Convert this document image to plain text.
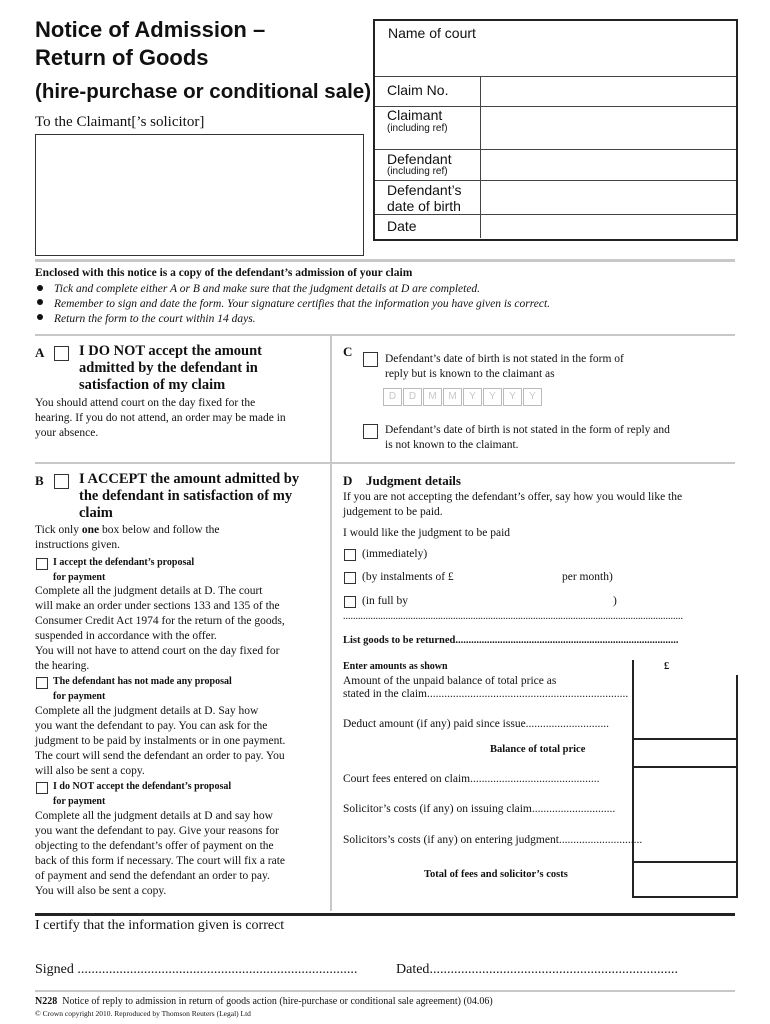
Notice of Admission –
Return of Goods
(hire-purchase or conditional sale)
To the Claimant[’s solicitor]
Name of court
Claim No.
Claimant
(including ref)
Defendant
(including ref)
Defendant’s
date of birth
Date
Enclosed with this notice is a copy of the defendant’s admission of your claim
Tick and complete either A or B and make sure that the judgment details at D are completed.
Remember to sign and date the form. Your signature certifies that the information you have given is correct.
Return the form to the court within 14 days.
A I DO NOT accept the amount
admitted by the defendant in
satisfaction of my claim
You should attend court on the day fixed for the
hearing. If you do not attend, an order may be made in
your absence.
B I ACCEPT the amount admitted by
the defendant in satisfaction of my
claim
Tick only one box below and follow the
instructions given.
I accept the defendant’s proposal
for payment
Complete all the judgment details at D. The court
will make an order under sections 133 and 135 of the
Consumer Credit Act 1974 for the return of the goods,
suspended in accordance with the offer.
You will not have to attend court on the day fixed for
the hearing.
The defendant has not made any proposal
for payment
Complete all the judgment details at D. Say how
you want the defendant to pay. You can ask for the
judgment to be paid by instalments or in one payment.
The court will send the defendant an order to pay. You
will also be sent a copy.
I do NOT accept the defendant’s proposal
for payment
Complete all the judgment details at D and say how
you want the defendant to pay. Give your reasons for
objecting to the defendant’s offer of payment on the
back of this form if necessary. The court will fix a rate
of payment and send the defendant an order to pay.
You will also be sent a copy.
C	Defendant’s date of birth is not stated in the form of
reply but is known to the claimant as
D	D	M	M	Y	Y	Y	Y
Defendant’s date of birth is not stated in the form of reply and
is not known to the claimant.
D Judgment details
If you are not accepting the defendant’s offer, say how you would like the
judgement to be paid.
I would like the judgment to be paid
(immediately)
(by instalments of £	per month)
(in full by	)
........................................................................................................................................
List goods to be returned.....................................................................................
Enter amounts as shown	£
Amount of the unpaid balance of total price as
stated in the claim......................................................................
Deduct amount (if any) paid since issue.............................
Balance of total price
Court fees entered on claim.............................................
Solicitor’s costs (if any) on issuing claim.............................
Solicitors’s costs (if any) on entering judgment.............................
Total of fees and solicitor’s costs
I certify that the information given is correct
Signed ................................................................................	Dated.......................................................................
N228 Notice of reply to admission in return of goods action (hire-purchase or conditional sale agreement) (04.06)
© Crown copyright 2010. Reproduced by Thomson Reuters (Legal) Ltd
